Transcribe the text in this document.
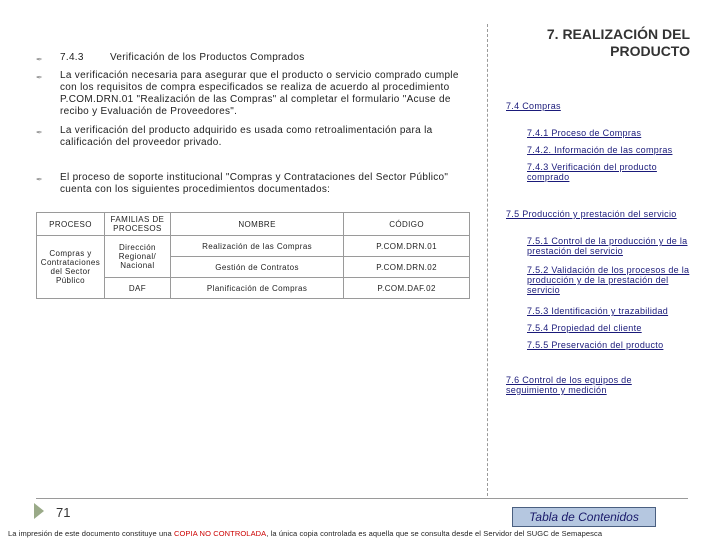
✒ 7.4.3	Verificación de los Productos Comprados
✒ La verificación necesaria para asegurar que el producto o servicio comprado cumple con los requisitos de compra especificados se realiza de acuerdo al procedimiento P.COM.DRN.01 "Realización de las Compras" al completar el formulario "Acuse de recibo y Evaluación de Proveedores".
✒ La verificación del producto adquirido es usada como retroalimentación para la calificación del proveedor privado.
✒ El proceso de soporte institucional "Compras y Contrataciones del Sector Público" cuenta con los siguientes procedimientos documentados:
PROCESO	FAMILIAS DE PROCESOS	NOMBRE	CÓDIGO
Compras y Contrataciones del Sector Público	Dirección Regional/ Nacional	Realización de las Compras	P.COM.DRN.01
		Gestión de Contratos	P.COM.DRN.02
	DAF	Planificación de Compras	P.COM.DAF.02
7. REALIZACIÓN DEL PRODUCTO
7.4 Compras
7.4.1 Proceso de Compras
7.4.2. Información de las compras
7.4.3 Verificación del producto comprado
7.5 Producción y prestación del servicio
7.5.1 Control de la producción y de la prestación del servicio
7.5.2 Validación de los procesos de la producción y de la prestación del servicio
7.5.3 Identificación y trazabilidad
7.5.4 Propiedad del cliente
7.5.5 Preservación del producto
7.6 Control de los equipos de seguimiento y medición
71	Tabla de Contenidos
La impresión de este documento constituye una COPIA NO CONTROLADA, la única copia controlada es aquella que se consulta desde el Servidor del SUGC de Semapesca
